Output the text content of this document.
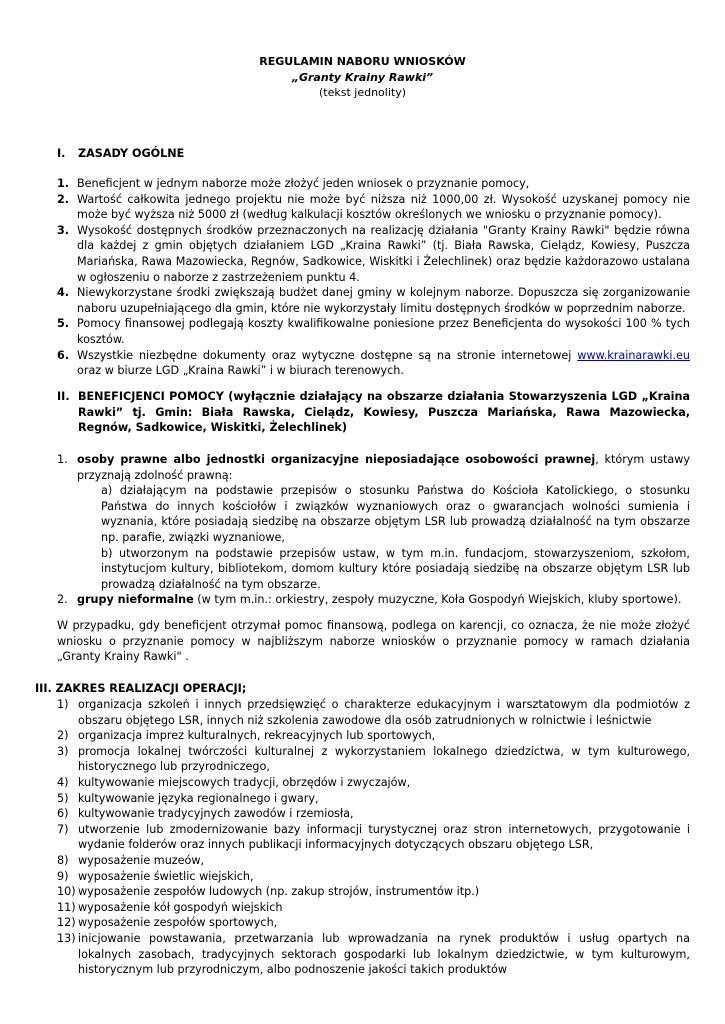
REGULAMIN NABORU WNIOSKÓW
„Granty Krainy Rawki”
(tekst jednolity)
I. ZASADY OGÓLNE
1. Beneficjent w jednym naborze może złożyć jeden wniosek o przyznanie pomocy,
2. Wartość całkowita jednego projektu nie może być niższa niż 1000,00 zł. Wysokość uzyskanej pomocy nie może być wyższa niż 5000 zł (według kalkulacji kosztów określonych we wniosku o przyznanie pomocy).
3. Wysokość dostępnych środków przeznaczonych na realizację działania "Granty Krainy Rawki" będzie równa dla każdej z gmin objętych działaniem LGD „Kraina Rawki” (tj. Biała Rawska, Cielądz, Kowiesy, Puszcza Mariańska, Rawa Mazowiecka, Regnów, Sadkowice, Wiskitki i Żelechlinek) oraz będzie każdorazowo ustalana w ogłoszeniu o naborze z zastrzeżeniem punktu 4.
4. Niewykorzystane środki zwiększają budżet danej gminy w kolejnym naborze. Dopuszcza się zorganizowanie naboru uzupełniającego dla gmin, które nie wykorzystały limitu dostępnych środków w poprzednim naborze.
5. Pomocy finansowej podlegają koszty kwalifikowalne poniesione przez Beneficjenta do wysokości 100 % tych kosztów.
6. Wszystkie niezbędne dokumenty oraz wytyczne dostępne są na stronie internetowej www.krainarawki.eu oraz w biurze LGD „Kraina Rawki” i w biurach terenowych.
II. BENEFICJENCI POMOCY (wyłącznie działający na obszarze działania Stowarzyszenia LGD „Kraina Rawki” tj. Gmin: Biała Rawska, Cielądz, Kowiesy, Puszcza Mariańska, Rawa Mazowiecka, Regnów, Sadkowice, Wiskitki, Żelechlinek)
1. osoby prawne albo jednostki organizacyjne nieposiadające osobowości prawnej, którym ustawy przyznają zdolność prawną:
a) działającym na podstawie przepisów o stosunku Państwa do Kościoła Katolickiego, o stosunku Państwa do innych kościołów i związków wyznaniowych oraz o gwarancjach wolności sumienia i wyznania, które posiadają siedzibę na obszarze objętym LSR lub prowadzą działalność na tym obszarze np. parafie, związki wyznaniowe,
b) utworzonym na podstawie przepisów ustaw, w tym m.in. fundacjom, stowarzyszeniom, szkołom, instytucjom kultury, bibliotekom, domom kultury które posiadają siedzibę na obszarze objętym LSR lub prowadzą działalność na tym obszarze.
2. grupy nieformalne (w tym m.in.: orkiestry, zespoły muzyczne, Koła Gospodyń Wiejskich, kluby sportowe).
W przypadku, gdy beneficjent otrzymał pomoc finansową, podlega on karencji, co oznacza, że nie może złożyć wniosku o przyznanie pomocy w najbliższym naborze wniosków o przyznanie pomocy w ramach działania „Granty Krainy Rawki" .
III. ZAKRES REALIZACJI OPERACJI;
1) organizacja szkoleń i innych przedsięwzięć o charakterze edukacyjnym i warsztatowym dla podmiotów z obszaru objętego LSR, innych niż szkolenia zawodowe dla osób zatrudnionych w rolnictwie i leśnictwie
2) organizacja imprez kulturalnych, rekreacyjnych lub sportowych,
3) promocja lokalnej twórczości kulturalnej z wykorzystaniem lokalnego dziedzictwa, w tym kulturowego, historycznego lub przyrodniczego,
4) kultywowanie miejscowych tradycji, obrzędów i zwyczajów,
5) kultywowanie języka regionalnego i gwary,
6) kultywowanie tradycyjnych zawodów i rzemiosła,
7) utworzenie lub zmodernizowanie bazy informacji turystycznej oraz stron internetowych, przygotowanie i wydanie folderów oraz innych publikacji informacyjnych dotyczących obszaru objętego LSR,
8) wyposażenie muzeów,
9) wyposażenie świetlic wiejskich,
10) wyposażenie zespołów ludowych (np. zakup strojów, instrumentów itp.)
11) wyposażenie kół gospodyń wiejskich
12) wyposażenie zespołów sportowych,
13) inicjowanie powstawania, przetwarzania lub wprowadzania na rynek produktów i usług opartych na lokalnych zasobach, tradycyjnych sektorach gospodarki lub lokalnym dziedzictwie, w tym kulturowym, historycznym lub przyrodniczym, albo podnoszenie jakości takich produktów
